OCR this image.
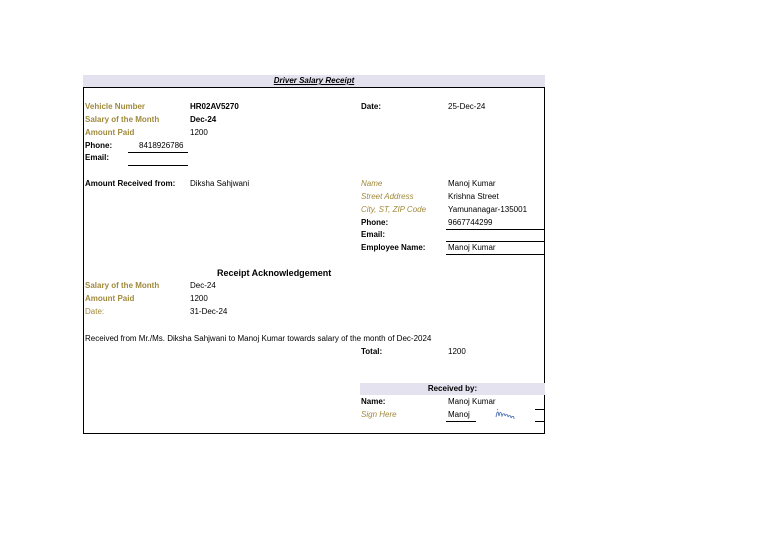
Driver Salary Receipt
Vehicle Number	HR02AV5270	Date:	25-Dec-24
Salary of the Month	Dec-24
Amount Paid	1200
Phone:	8418926786
Email:
Amount Received from: Diksha Sahjwani	Name	Manoj Kumar
Street Address	Krishna Street
City, ST, ZIP Code	Yamunanagar-135001
Phone:	9667744299
Email:
Employee Name:	Manoj Kumar
Receipt Acknowledgement
Salary of the Month	Dec-24
Amount Paid	1200
Date:	31-Dec-24
Received from Mr./Ms. Diksha Sahjwani to Manoj Kumar towards salary of the month of Dec-2024
Total:	1200
Received by:
Name:	Manoj Kumar
Sign Here	Manoj
